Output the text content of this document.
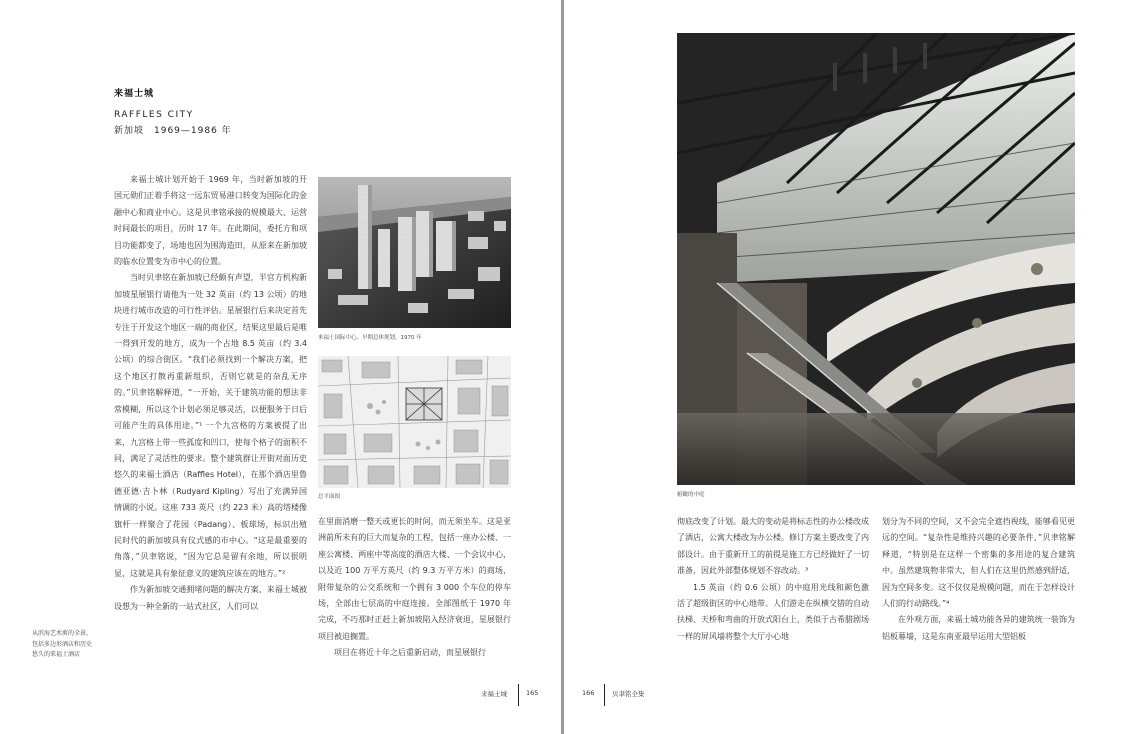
来福士城
RAFFLES CITY
新加坡　1969—1986 年

来福士城计划开始于 1969 年，当时新加坡的开国元勋们正着手将这一远东贸易港口转变为国际化的金融中心和商业中心。这是贝聿铭承接的规模最大、运营时间最长的项目，历时 17 年。在此期间，委托方和项目功能都变了，场地也因为围海造田，从原来在新加坡的临水位置变为市中心的位置。

当时贝聿铭在新加坡已经颇有声望，半官方机构新加坡星展银行请他为一处 32 英亩（约 13 公顷）的地块进行城市改造的可行性评估。星展银行后来决定首先专注于开发这个地区一端的商业区，结果这里最后是唯一得到开发的地方，成为一个占地 8.5 英亩（约 3.4 公顷）的综合街区。“我们必须找到一个解决方案，把这个地区打散再重新组织，否则它就是的杂乱无序的。”贝聿铭解释道，“一开始，关于建筑功能的想法非常模糊，所以这个计划必须足够灵活，以便服务于日后可能产生的具体用途。”¹ 一个九宫格的方案被提了出来，九宫格上带一些孤度和凹口，使每个格子的面积不同，满足了灵活性的要求。整个建筑群让开街对面历史悠久的来福士酒店（Raffles Hotel），在那个酒店里鲁德亚德·吉卜林（Rudyard Kipling）写出了充满异国情调的小说。这座 733 英尺（约 223 米）高的塔楼像旗杆一样聚合了花园（Padang）、板球场，标识出殖民时代的新加坡具有仪式感的市中心。“这是最重要的角落，”贝聿铭说，“因为它总是留有余地，所以很明显，这就是具有象征意义的建筑应该在的地方。”²

作为新加坡交通拥堵问题的解决方案，来福士城被设想为一种全新的一站式社区，人们可以

来福士国际中心，早期总体规划，1970 年
总平面图

在里面消磨一整天或更长的时间，而无须坐车。这是亚洲前所未有的巨大而复杂的工程，包括一座办公楼、一座公寓楼、两座中等高度的酒店大楼、一个会议中心，以及近 100 万平方英尺（约 9.3 万平方米）的商场，附带复杂的公交系统和一个拥有 3 000 个车位的停车场，全部由七层高的中庭连接。全部图纸于 1970 年完成，不巧那时正赶上新加坡陷入经济衰退，星展银行项目被迫搁置。

项目在将近十年之后重新启动，而星展银行

从滨海艺术剪的全景，
包括多边形酒店和历史
悠久的来福士酒店
来福士城	165
俯瞰的中庭

彻底改变了计划。最大的变动是将标志性的办公楼改成了酒店，公寓大楼改为办公楼。修订方案主要改变了内部设计。由于重新开工的前提是施工方已经做好了一切准备，因此外部整体规划不容改动。³

1.5 英亩（约 0.6 公顷）的中庭用光线和颜色激活了超级街区的中心地带。人们游走在纵横交错的自动扶梯、天桥和弯曲的开放式阳台上，类似于古希腊剧场一样的屏风墙将整个大厅小心地

划分为不同的空间，又不会完全遮挡视线，能够看见更远的空间。“复杂性是维持兴趣的必要条件，”贝聿铭解释道，“特别是在这样一个密集的多用途的复合建筑中。虽然建筑物非常大，但人们在这里仍然感到舒适，因为空间多变。这不仅仅是规模问题，而在于怎样设计人们的行动路线。”⁴

在外观方面，来福士城功能各异的建筑统一装饰为铝板幕墙，这是东南亚最早运用大型铝板

166	贝聿铭全集
